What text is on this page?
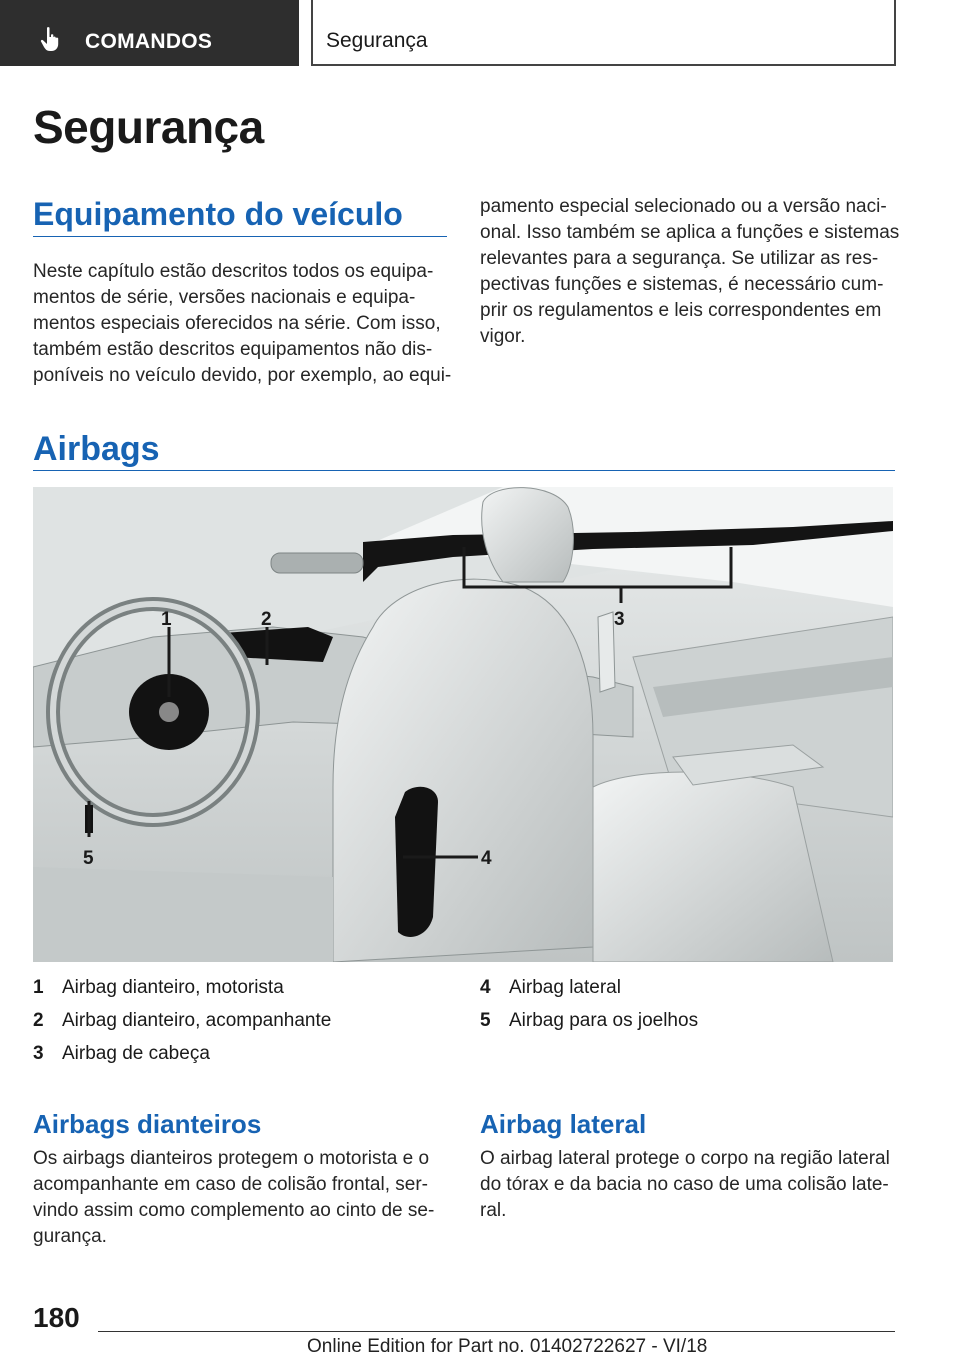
COMANDOS	Segurança
Segurança
Equipamento do veículo
Neste capítulo estão descritos todos os equipa-
mentos de série, versões nacionais e equipa-
mentos especiais oferecidos na série. Com isso,
também estão descritos equipamentos não dis-
poníveis no veículo devido, por exemplo, ao equi-
pamento especial selecionado ou a versão naci-
onal. Isso também se aplica a funções e sistemas
relevantes para a segurança. Se utilizar as res-
pectivas funções e sistemas, é necessário cum-
prir os regulamentos e leis correspondentes em
vigor.
Airbags
1	2	3
4
5
1 Airbag dianteiro, motorista
2 Airbag dianteiro, acompanhante
3 Airbag de cabeça
4 Airbag lateral
5 Airbag para os joelhos
Airbags dianteiros
Os airbags dianteiros protegem o motorista e o
acompanhante em caso de colisão frontal, ser-
vindo assim como complemento ao cinto de se-
gurança.
Airbag lateral
O airbag lateral protege o corpo na região lateral
do tórax e da bacia no caso de uma colisão late-
ral.
180
Online Edition for Part no. 01402722627 - VI/18
